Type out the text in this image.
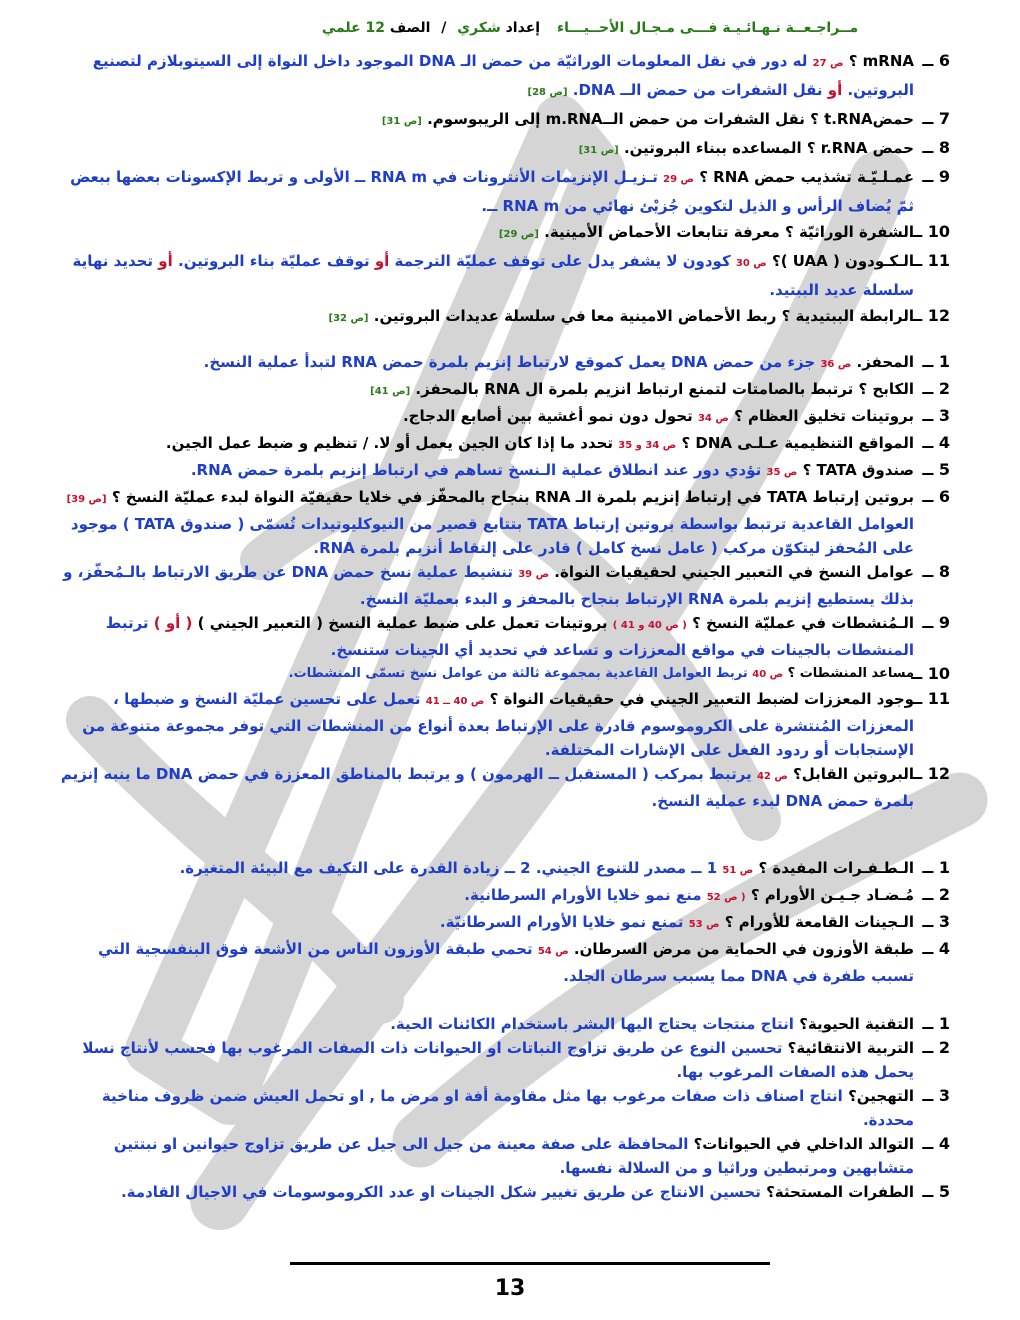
مــراجـعــة نـهـائـيـة فـــى مـجـال الأحــيـــاء إعداد شكري / الصف 12 علمي

6 ــ
mRNA ؟ ص 27 له دور في نقل المعلومات الوراثيّة من حمض الـ DNA الموجود داخل النواة إلى السيتوبلازم لتصنيع البروتين. أو نقل الشفرات من حمض الــ DNA. [ص 28]

7 ــ
حمضt.RNA ؟ نقل الشفرات من حمض الــm.RNA إلى الريبوسوم. [ص 31]

8 ــ
حمض r.RNA ؟ المساعده ببناء البروتين. [ص 31]

9 ــ
عمـلـيّـة تشذيب حمض RNA ؟ ص 29 تـزيـل الإنزيمات الأنترونات في RNA m ــ الأولى و تربط الإكسونات بعضها ببعض ثمّ يُضاف الرأس و الذيل لتكوين جُزيْئ نهائي من RNA m ــ.

10 ــ
الشفرة الوراثيّة ؟ معرفة تتابعات الأحماض الأمينية. [ص 29]

11 ــ
الـكـودون ( UAA )؟ ص 30 كودون لا يشفر يدل على توقف عمليّة الترجمة أو توقف عمليّة بناء البروتين. أو تحديد نهاية سلسلة عديد الببتيد.

12 ــ
الرابطة الببتيدية ؟ ربط الأحماض الامينية معا في سلسلة عديدات البروتين. [ص 32]

1 ــ
المحفز. ص 36 جزء من حمض DNA يعمل كموقع لارتباط إنزيم بلمرة حمض RNA لتبدأ عملية النسخ.

2 ــ
الكابح ؟ ترتبط بالصامتات لتمنع ارتباط انزيم بلمرة ال RNA بالمحفز. [ص 41]

3 ــ
بروتينات تخليق العظام ؟ ص 34 تحول دون نمو أغشية بين أصابع الدجاج.

4 ــ
المواقع التنظيمية عـلـى DNA ؟ ص 34 و 35 تحدد ما إذا كان الجين يعمل أو لا. / تنظيم و ضبط عمل الجين.

5 ــ
صندوق TATA ؟ ص 35 تؤدي دور عند انطلاق عملية الـنسخ تساهم في ارتباط إنزيم بلمرة حمض RNA.

6 ــ
بروتين إرتباط TATA في إرتباط إنزيم بلمرة الـ RNA بنجاح بالمحفّز في خلايا حقيقيّة النواة لبدء عمليّة النسخ ؟ [ص 39] العوامل القاعدية ترتبط بواسطة بروتين إرتباط TATA بتتابع قصير من النيوكليوتيدات تُسمّى ( صندوق TATA ) موجود على المُحفز ليتكوّن مركب ( عامل نسخ كامل ) قادر على إلتقاط أنزيم بلمرة RNA.

8 ــ
عوامل النسخ في التعبير الجيني لحقيقيات النواة. ص 39 تنشيط عملية نسخ حمض DNA عن طريق الارتباط بالـمُحفّز، و بذلك يستطيع إنزيم بلمرة RNA الإرتباط بنجاح بالمحفز و البدء بعمليّة النسخ.

9 ــ
الـمُنشطات في عمليّة النسخ ؟ ( ص 40 و 41 ) بروتينات تعمل على ضبط عملية النسخ ( التعبير الجيني ) ( أو ) ترتبط المنشطات بالجينات في مواقع المعززات و تساعد في تحديد أي الجينات ستنسخ.

10 ــ
مساعد المنشطات ؟ ص 40 تربط العوامل القاعدية بمجموعة ثالثة من عوامل نسخ تسمّى المنشطات.

11 ــ
وجود المعززات لضبط التعبير الجيني في حقيقيات النواة ؟ ص 40 ــ 41 تعمل على تحسين عمليّة النسخ و ضبطها ، المعززات المُنتشرة على الكروموسوم قادرة على الإرتباط بعدة أنواع من المنشطات التي توفر مجموعة متنوعة من الإستجابات أو ردود الفعل على الإشارات المختلفة.

12 ــ
البروتين القابل؟ ص 42 يرتبط بمركب ( المستقبل ــ الهرمون ) و يرتبط بالمناطق المعززة في حمض DNA ما ينبه إنزيم بلمرة حمض DNA لبدء عملية النسخ.

1 ــ
الـطـفـرات المفيدة ؟ ص 51 1 ــ مصدر للتنوع الجيني. 2 ــ زيادة القدرة على التكيف مع البيئة المتغيرة.

2 ــ
مُـضـاد جـيـن الأورام ؟ ( ص 52 منع نمو خلايا الأورام السرطانية.

3 ــ
الـجينات القامعة للأورام ؟ ص 53 تمنع نمو خلايا الأورام السرطانيّة.

4 ــ
طبقة الأوزون في الحماية من مرض السرطان. ص 54 تحمي طبقة الأوزون الناس من الأشعة فوق البنفسجية التي تسبب طفرة في DNA مما يسبب سرطان الجلد.

1 ــ
التقنية الحيوية؟ انتاج منتجات يحتاج اليها البشر باستخدام الكائنات الحية.

2 ــ
التربية الانتقائية؟ تحسين النوع عن طريق تزاوج النباتات او الحيوانات ذات الصفات المرغوب بها فحسب لأنتاج نسلا يحمل هذه الصفات المرغوب بها.

3 ــ
التهجين؟ انتاج اصناف ذات صفات مرغوب بها مثل مقاومة أفة او مرض ما , او تحمل العيش ضمن ظروف مناخية محددة.

4 ــ
التوالد الداخلي في الحيوانات؟ المحافظة على صفة معينة من جيل الى جيل عن طريق تزاوج حيوانين او نبتتين متشابهين ومرتبطين وراثيا و من السلالة نفسها.

5 ــ
الطفرات المستحثة؟ تحسين الانتاج عن طريق تغيير شكل الجينات او عدد الكروموسومات في الاجيال القادمة.

13
